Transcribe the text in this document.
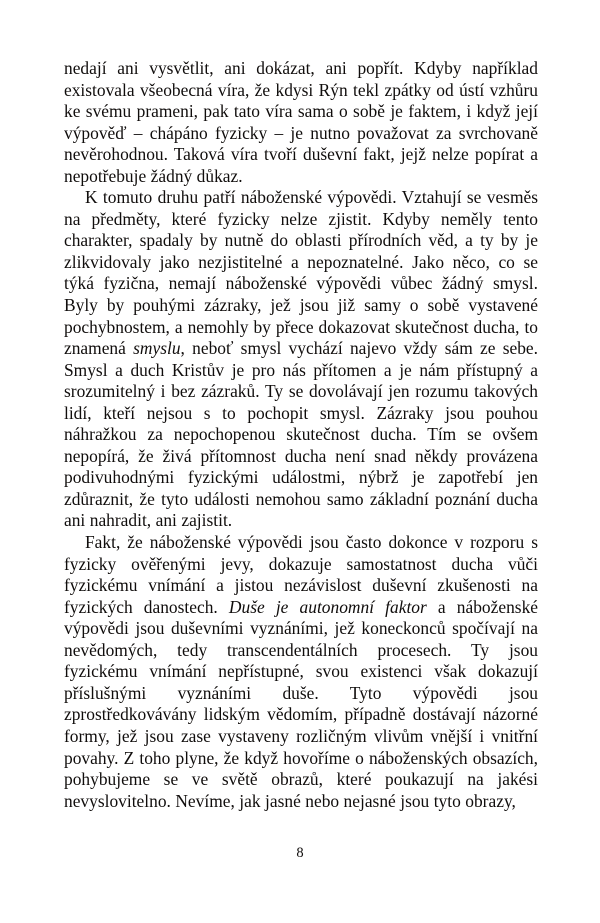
nedají ani vysvětlit, ani dokázat, ani popřít. Kdyby například existovala všeobecná víra, že kdysi Rýn tekl zpátky od ústí vzhůru ke svému prameni, pak tato víra sama o sobě je faktem, i když její výpověď – chápáno fyzicky – je nutno považovat za svrchovaně nevěrohodnou. Taková víra tvoří duševní fakt, jejž nelze popírat a nepotřebuje žádný důkaz.

K tomuto druhu patří náboženské výpovědi. Vztahují se vesměs na předměty, které fyzicky nelze zjistit. Kdyby neměly tento charakter, spadaly by nutně do oblasti přírodních věd, a ty by je zlikvidovaly jako nezjistitelné a nepoznatelné. Jako něco, co se týká fyzična, nemají náboženské výpovědi vůbec žádný smysl. Byly by pouhými zázraky, jež jsou již samy o sobě vystavené pochybnostem, a nemohly by přece dokazovat skutečnost ducha, to znamená smyslu, neboť smysl vychází najevo vždy sám ze sebe. Smysl a duch Kristův je pro nás přítomen a je nám přístupný a srozumitelný i bez zázraků. Ty se dovolávají jen rozumu takových lidí, kteří nejsou s to pochopit smysl. Zázraky jsou pouhou náhražkou za nepochopenou skutečnost ducha. Tím se ovšem nepopírá, že živá přítomnost ducha není snad někdy provázena podivuhodnými fyzickými událostmi, nýbrž je zapotřebí jen zdůraznit, že tyto události nemohou samo základní poznání ducha ani nahradit, ani zajistit.

Fakt, že náboženské výpovědi jsou často dokonce v rozporu s fyzicky ověřenými jevy, dokazuje samostatnost ducha vůči fyzickému vnímání a jistou nezávislost duševní zkušenosti na fyzických danostech. Duše je autonomní faktor a náboženské výpovědi jsou duševními vyznáními, jež koneckonců spočívají na nevědomých, tedy transcendentálních procesech. Ty jsou fyzickému vnímání nepřístupné, svou existenci však dokazují příslušnými vyznáními duše. Tyto výpovědi jsou zprostředkovávány lidským vědomím, případně dostávají názorné formy, jež jsou zase vystaveny rozličným vlivům vnější i vnitřní povahy. Z toho plyne, že když hovoříme o náboženských obsazích, pohybujeme se ve světě obrazů, které poukazují na jakési nevyslovitelno. Nevíme, jak jasné nebo nejasné jsou tyto obrazy,

8
